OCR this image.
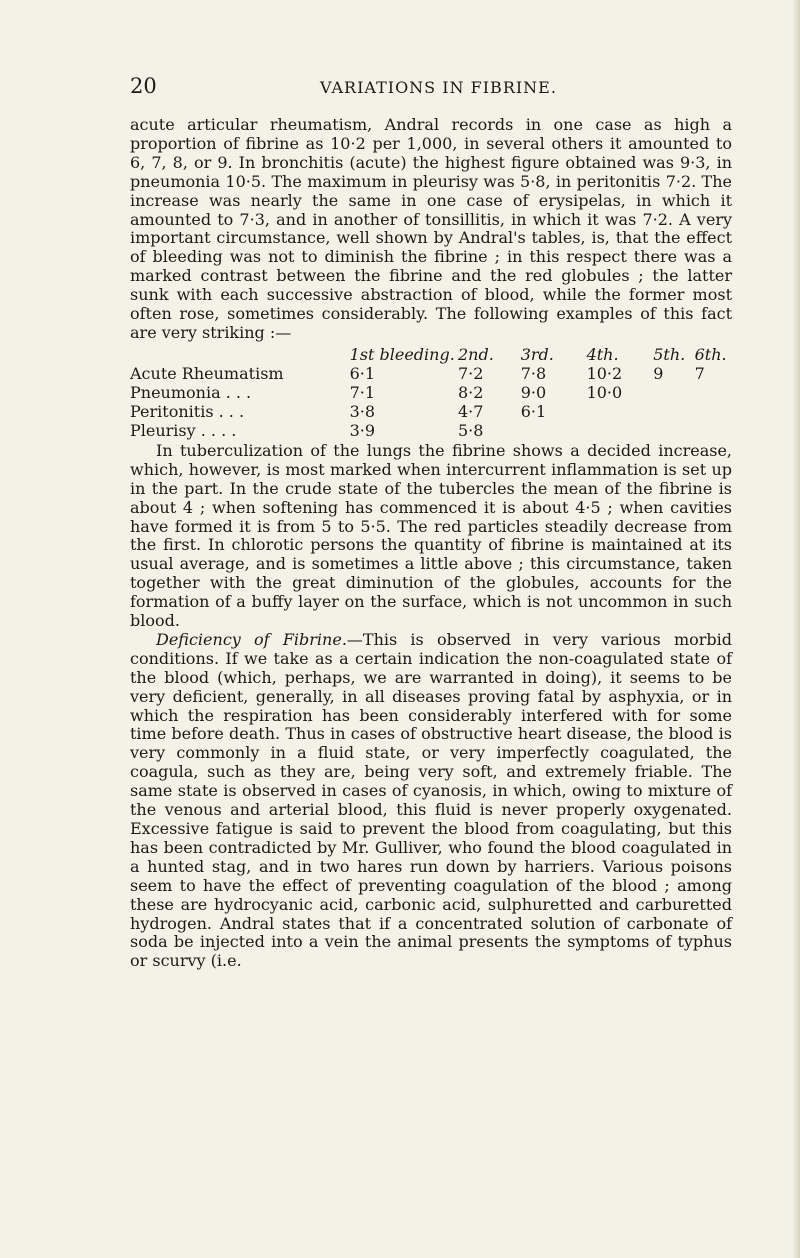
20	VARIATIONS IN FIBRINE.

acute articular rheumatism, Andral records in one case as high a proportion of fibrine as 10·2 per 1,000, in several others it amounted to 6, 7, 8, or 9. In bronchitis (acute) the highest figure obtained was 9·3, in pneumonia 10·5. The maximum in pleurisy was 5·8, in peritonitis 7·2. The increase was nearly the same in one case of erysipelas, in which it amounted to 7·3, and in another of tonsillitis, in which it was 7·2. A very important circumstance, well shown by Andral's tables, is, that the effect of bleeding was not to diminish the fibrine ; in this respect there was a marked contrast between the fibrine and the red globules ; the latter sunk with each successive abstraction of blood, while the former most often rose, sometimes considerably. The following examples of this fact are very striking :—

	1st bleeding.	2nd.	3rd.	4th.	5th.	6th.
Acute Rheumatism	6·1	7·2	7·8	10·2	9	7
Pneumonia . . .	7·1	8·2	9·0	10·0		
Peritonitis . . .	3·8	4·7	6·1			
Pleurisy . . . .	3·9	5·8				

In tuberculization of the lungs the fibrine shows a decided increase, which, however, is most marked when intercurrent inflammation is set up in the part. In the crude state of the tubercles the mean of the fibrine is about 4 ; when softening has commenced it is about 4·5 ; when cavities have formed it is from 5 to 5·5. The red particles steadily decrease from the first. In chlorotic persons the quantity of fibrine is maintained at its usual average, and is sometimes a little above ; this circumstance, taken together with the great diminution of the globules, accounts for the formation of a buffy layer on the surface, which is not uncommon in such blood.

Deficiency of Fibrine.—This is observed in very various morbid conditions. If we take as a certain indication the non-coagulated state of the blood (which, perhaps, we are warranted in doing), it seems to be very deficient, generally, in all diseases proving fatal by asphyxia, or in which the respiration has been considerably interfered with for some time before death. Thus in cases of obstructive heart disease, the blood is very commonly in a fluid state, or very imperfectly coagulated, the coagula, such as they are, being very soft, and extremely friable. The same state is observed in cases of cyanosis, in which, owing to mixture of the venous and arterial blood, this fluid is never properly oxygenated. Excessive fatigue is said to prevent the blood from coagulating, but this has been contradicted by Mr. Gulliver, who found the blood coagulated in a hunted stag, and in two hares run down by harriers. Various poisons seem to have the effect of preventing coagulation of the blood ; among these are hydrocyanic acid, carbonic acid, sulphuretted and carburetted hydrogen. Andral states that if a concentrated solution of carbonate of soda be injected into a vein the animal presents the symptoms of typhus or scurvy (i.e.
